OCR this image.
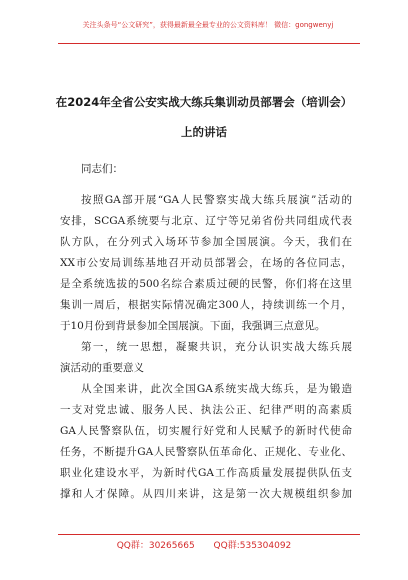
关注头条号“公文研究”，获得最新最全最专业的公文资料库！ 微信：gongwenyj
在2024年全省公安实战大练兵集训动员部署会（培训会）
上的讲话
同志们：
按照GA部开展“GA人民警察实战大练兵展演”活动的
安排，SCGA系统要与北京、辽宁等兄弟省份共同组成代表
队方队，在分列式入场环节参加全国展演。今天，我们在
XX市公安局训练基地召开动员部署会，在场的各位同志，
是全系统选拔的500名综合素质过硬的民警，你们将在这里
集训一周后，根据实际情况确定300人，持续训练一个月，
于10月份到背景参加全国展演。下面，我强调三点意见。
第一，统一思想，凝聚共识，充分认识实战大练兵展
演活动的重要意义
从全国来讲，此次全国GA系统实战大练兵，是为锻造
一支对党忠诚、服务人民、执法公正、纪律严明的高素质
GA人民警察队伍，切实履行好党和人民赋予的新时代使命
任务，不断提升GA人民警察队伍革命化、正规化、专业化、
职业化建设水平，为新时代GA工作高质量发展提供队伍支
撑和人才保障。从四川来讲，这是第一次大规模组织参加
QQ群：30265665 QQ群:535304092
